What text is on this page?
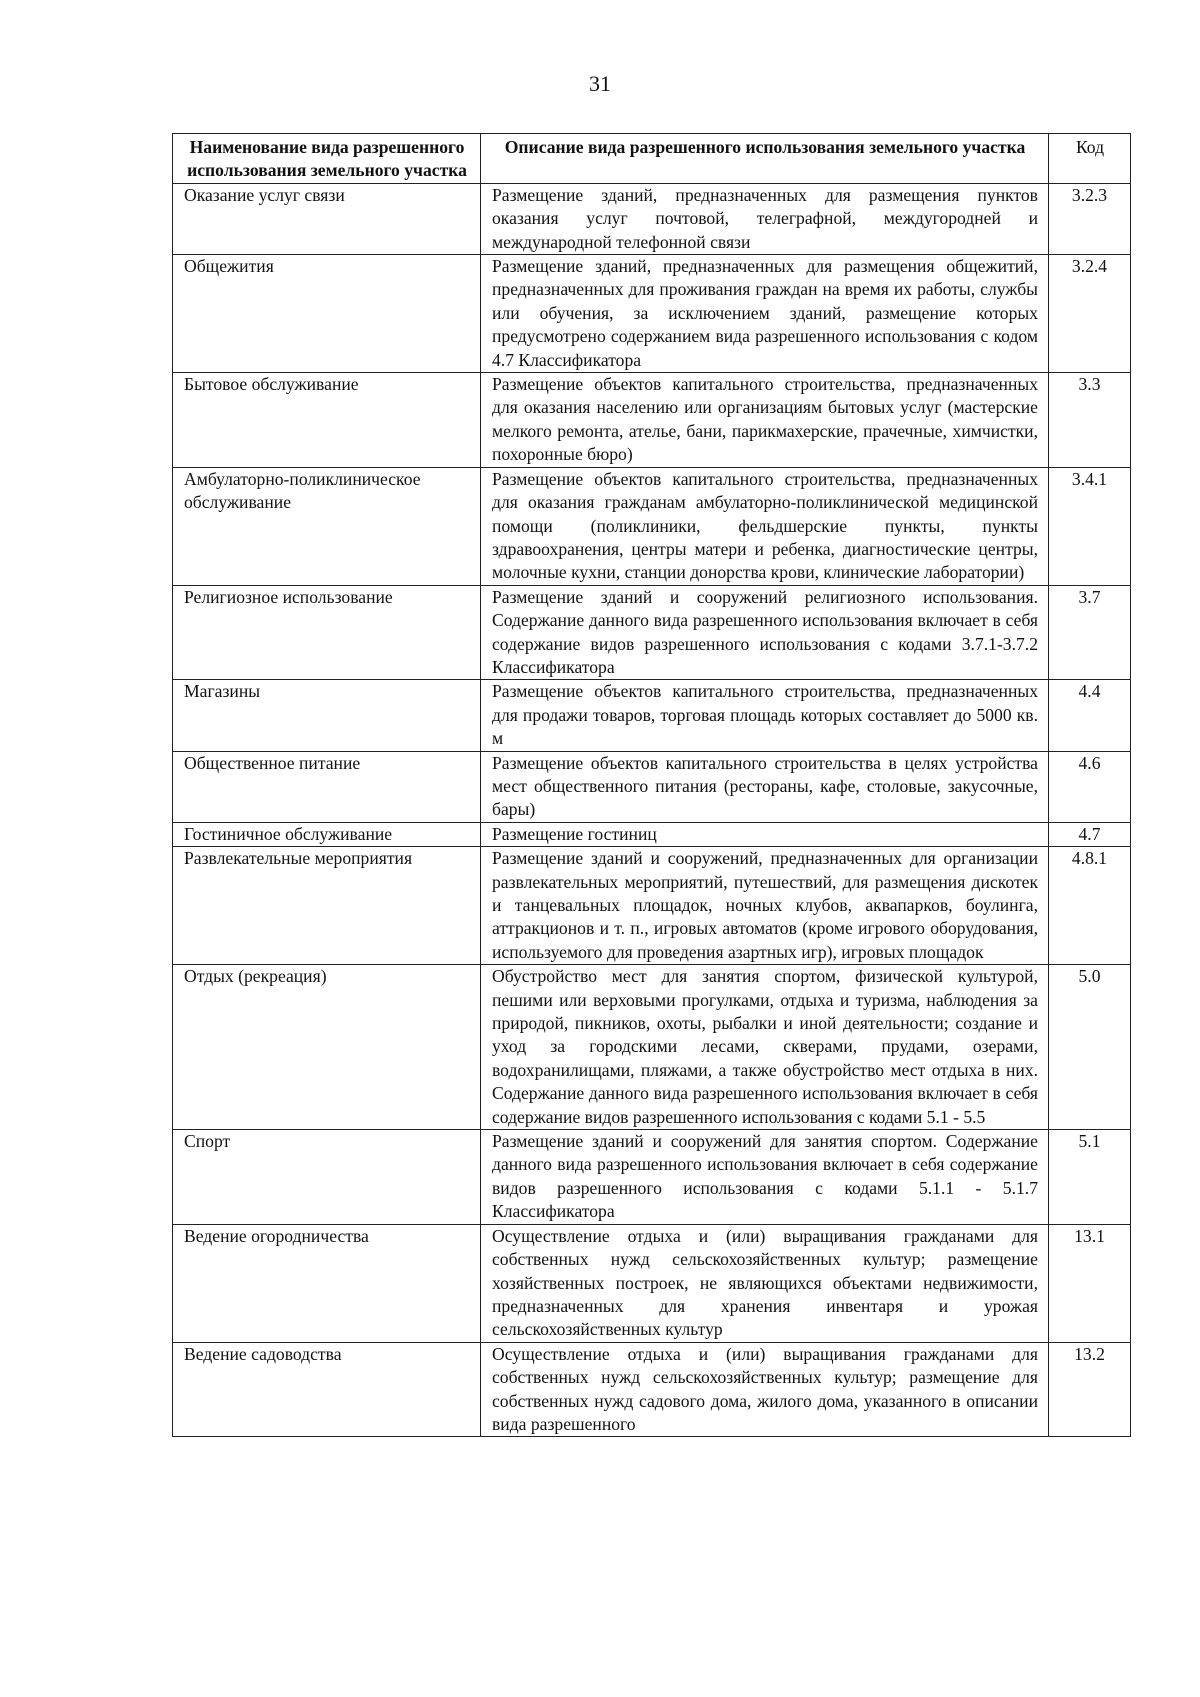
31
Наименование вида разрешенного использования земельного участка	Описание вида разрешенного использования земельного участка	Код
Оказание услуг связи	Размещение зданий, предназначенных для размещения пунктов оказания услуг почтовой, телеграфной, междугородней и международной телефонной связи	3.2.3
Общежития	Размещение зданий, предназначенных для размещения общежитий, предназначенных для проживания граждан на время их работы, службы или обучения, за исключением зданий, размещение которых предусмотрено содержанием вида разрешенного использования с кодом 4.7 Классификатора	3.2.4
Бытовое обслуживание	Размещение объектов капитального строительства, предназначенных для оказания населению или организациям бытовых услуг (мастерские мелкого ремонта, ателье, бани, парикмахерские, прачечные, химчистки, похоронные бюро)	3.3
Амбулаторно-поликлиническое обслуживание	Размещение объектов капитального строительства, предназначенных для оказания гражданам амбулаторно-поликлинической медицинской помощи (поликлиники, фельдшерские пункты, пункты здравоохранения, центры матери и ребенка, диагностические центры, молочные кухни, станции донорства крови, клинические лаборатории)	3.4.1
Религиозное использование	Размещение зданий и сооружений религиозного использования. Содержание данного вида разрешенного использования включает в себя содержание видов разрешенного использования с кодами 3.7.1-3.7.2 Классификатора	3.7
Магазины	Размещение объектов капитального строительства, предназначенных для продажи товаров, торговая площадь которых составляет до 5000 кв. м	4.4
Общественное питание	Размещение объектов капитального строительства в целях устройства мест общественного питания (рестораны, кафе, столовые, закусочные, бары)	4.6
Гостиничное обслуживание	Размещение гостиниц	4.7
Развлекательные мероприятия	Размещение зданий и сооружений, предназначенных для организации развлекательных мероприятий, путешествий, для размещения дискотек и танцевальных площадок, ночных клубов, аквапарков, боулинга, аттракционов и т. п., игровых автоматов (кроме игрового оборудования, используемого для проведения азартных игр), игровых площадок	4.8.1
Отдых (рекреация)	Обустройство мест для занятия спортом, физической культурой, пешими или верховыми прогулками, отдыха и туризма, наблюдения за природой, пикников, охоты, рыбалки и иной деятельности; создание и уход за городскими лесами, скверами, прудами, озерами, водохранилищами, пляжами, а также обустройство мест отдыха в них. Содержание данного вида разрешенного использования включает в себя содержание видов разрешенного использования с кодами 5.1 - 5.5	5.0
Спорт	Размещение зданий и сооружений для занятия спортом. Содержание данного вида разрешенного использования включает в себя содержание видов разрешенного использования с кодами 5.1.1 - 5.1.7 Классификатора	5.1
Ведение огородничества	Осуществление отдыха и (или) выращивания гражданами для собственных нужд сельскохозяйственных культур; размещение хозяйственных построек, не являющихся объектами недвижимости, предназначенных для хранения инвентаря и урожая сельскохозяйственных культур	13.1
Ведение садоводства	Осуществление отдыха и (или) выращивания гражданами для собственных нужд сельскохозяйственных культур; размещение для собственных нужд садового дома, жилого дома, указанного в описании вида разрешенного	13.2
